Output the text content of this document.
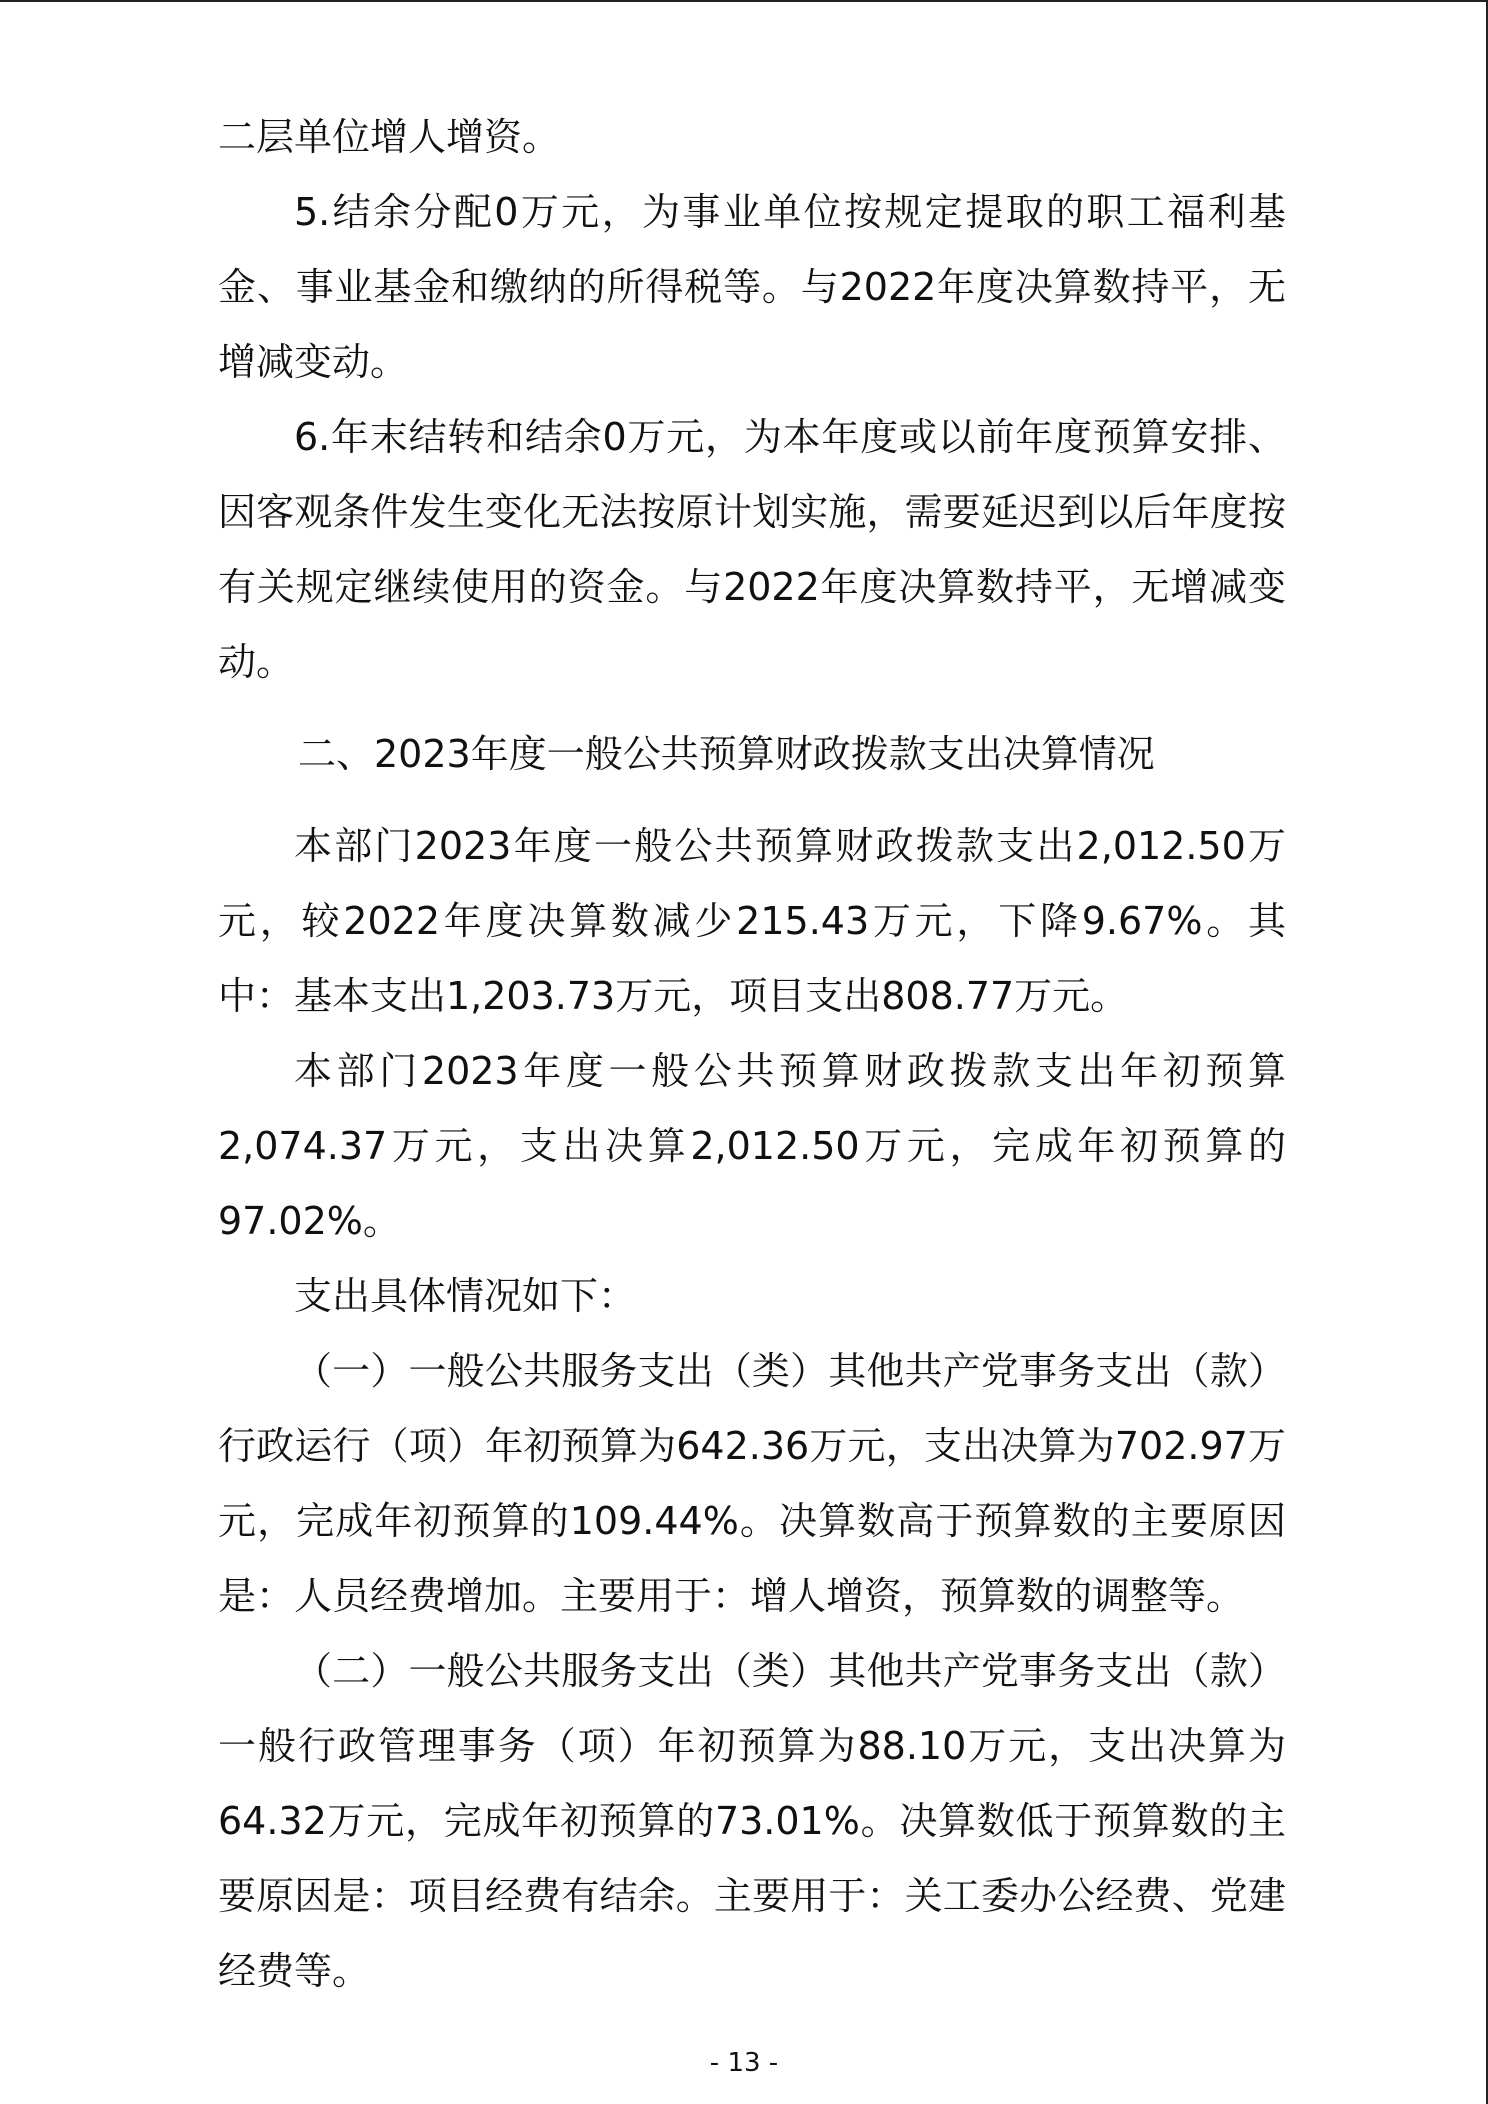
二层单位增人增资。

5.结余分配0万元，为事业单位按规定提取的职工福利基金、事业基金和缴纳的所得税等。与2022年度决算数持平，无增减变动。

6.年末结转和结余0万元，为本年度或以前年度预算安排、因客观条件发生变化无法按原计划实施，需要延迟到以后年度按有关规定继续使用的资金。与2022年度决算数持平，无增减变动。

二、2023年度一般公共预算财政拨款支出决算情况

本部门2023年度一般公共预算财政拨款支出2,012.50万元，较2022年度决算数减少215.43万元，下降9.67%。其中：基本支出1,203.73万元，项目支出808.77万元。

本部门2023年度一般公共预算财政拨款支出年初预算2,074.37万元，支出决算2,012.50万元，完成年初预算的97.02%。

支出具体情况如下：

（一）一般公共服务支出（类）其他共产党事务支出（款）行政运行（项）年初预算为642.36万元，支出决算为702.97万元，完成年初预算的109.44%。决算数高于预算数的主要原因是：人员经费增加。主要用于：增人增资，预算数的调整等。

（二）一般公共服务支出（类）其他共产党事务支出（款）一般行政管理事务（项）年初预算为88.10万元，支出决算为64.32万元，完成年初预算的73.01%。决算数低于预算数的主要原因是：项目经费有结余。主要用于：关工委办公经费、党建经费等。

- 13 -
